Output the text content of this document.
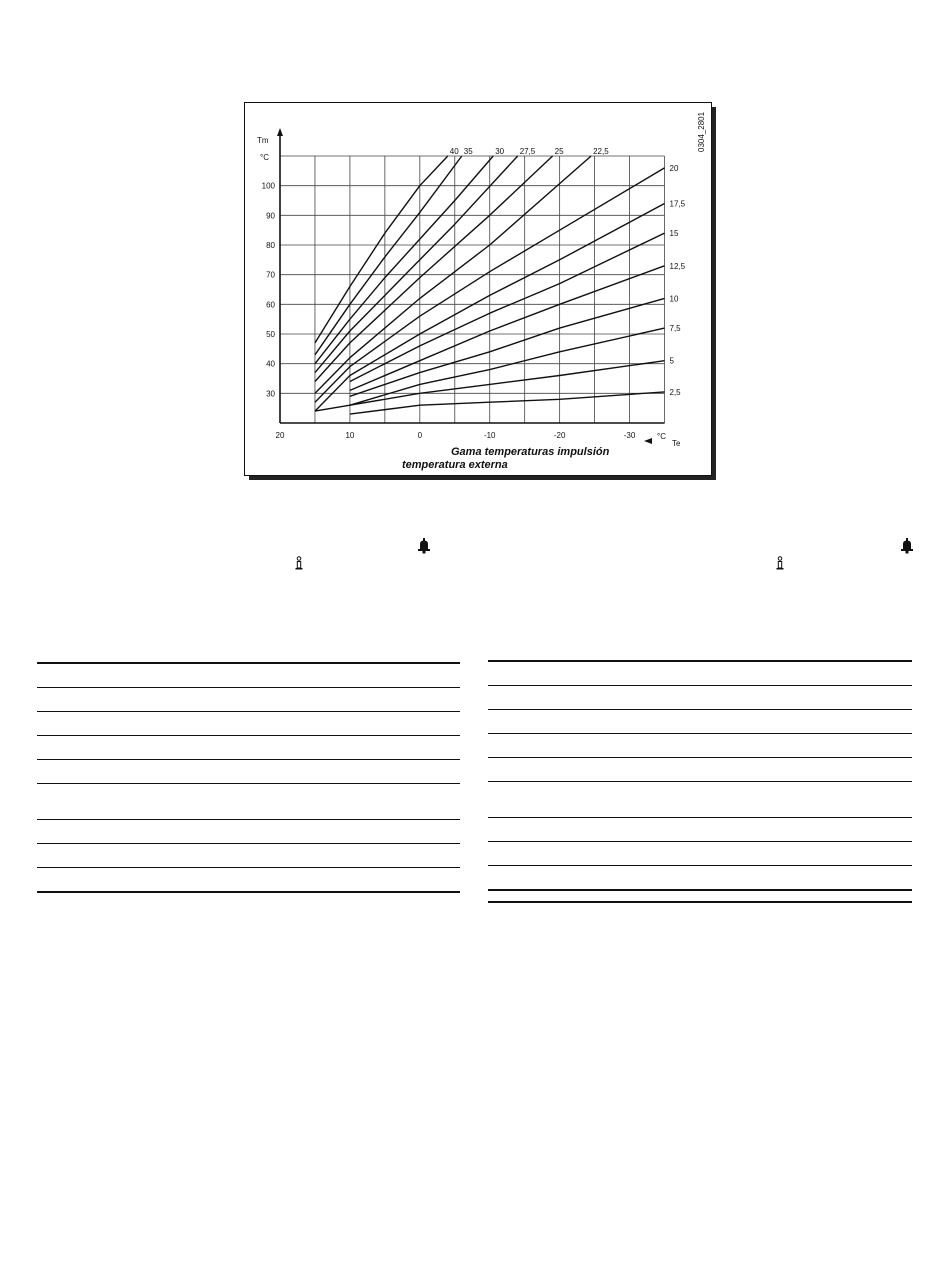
30
40
50
60
70
80
90
100
20	10	0	-10	-20	-30
Tm
°C
°C
Te
40 35	30 27,5 25	22,5
20
17,5
15
12,5
10
7,5
5
2,5
0304_2801
Gama temperaturas impulsión
temperatura externa
